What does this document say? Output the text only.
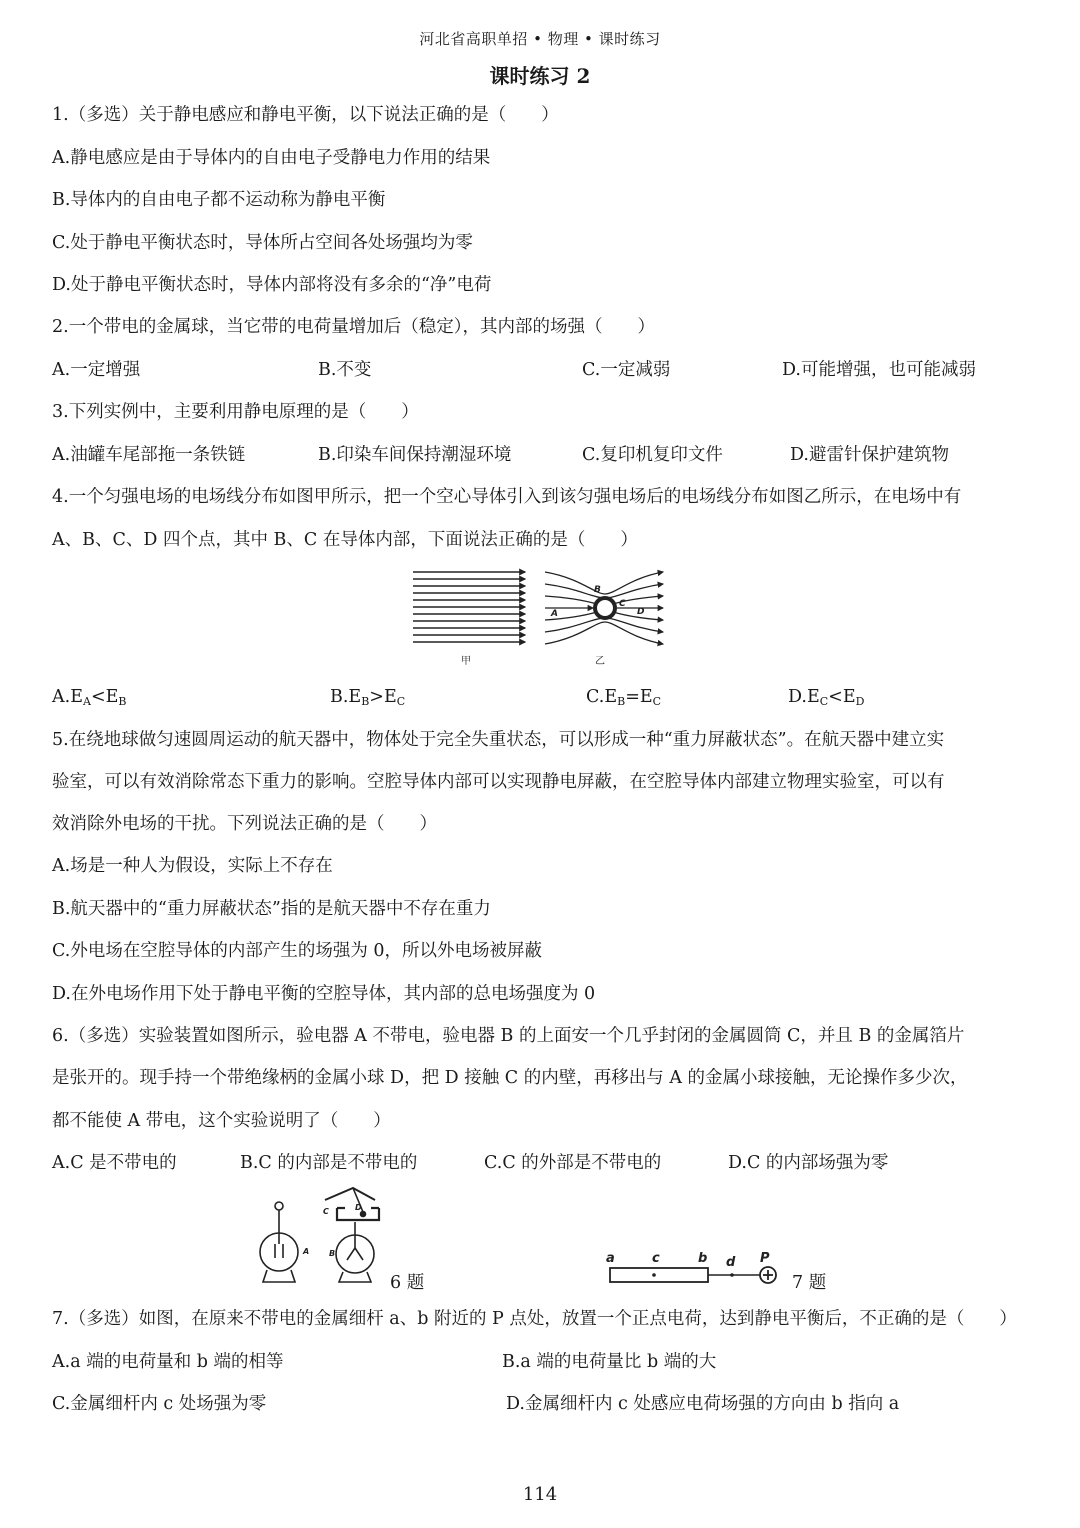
河北省高职单招 • 物理 • 课时练习
课时练习 2
1.（多选）关于静电感应和静电平衡，以下说法正确的是（　　）
A.静电感应是由于导体内的自由电子受静电力作用的结果
B.导体内的自由电子都不运动称为静电平衡
C.处于静电平衡状态时，导体所占空间各处场强均为零
D.处于静电平衡状态时，导体内部将没有多余的“净”电荷
2.一个带电的金属球，当它带的电荷量增加后（稳定），其内部的场强（　　）
A.一定增强	B.不变	C.一定减弱	D.可能增强，也可能减弱
3.下列实例中，主要利用静电原理的是（　　）
A.油罐车尾部拖一条铁链	B.印染车间保持潮湿环境	C.复印机复印文件	D.避雷针保护建筑物
4.一个匀强电场的电场线分布如图甲所示，把一个空心导体引入到该匀强电场后的电场线分布如图乙所示，在电场中有
A、B、C、D 四个点，其中 B、C 在导体内部，下面说法正确的是（　　）
A
B
C
D
甲	乙
$A.E_A<E_B$	$B.E_B>E_C$	$C.E_B=E_C$	$D.E_C<E_D$
5.在绕地球做匀速圆周运动的航天器中，物体处于完全失重状态，可以形成一种“重力屏蔽状态”。在航天器中建立实
验室，可以有效消除常态下重力的影响。空腔导体内部可以实现静电屏蔽，在空腔导体内部建立物理实验室，可以有
效消除外电场的干扰。下列说法正确的是（　　）
A.场是一种人为假设，实际上不存在
B.航天器中的“重力屏蔽状态”指的是航天器中不存在重力
C.外电场在空腔导体的内部产生的场强为 0，所以外电场被屏蔽
D.在外电场作用下处于静电平衡的空腔导体，其内部的总电场强度为 0
6.（多选）实验装置如图所示，验电器 A 不带电，验电器 B 的上面安一个几乎封闭的金属圆筒 C，并且 B 的金属箔片
是张开的。现手持一个带绝缘柄的金属小球 D，把 D 接触 C 的内壁，再移出与 A 的金属小球接触，无论操作多少次，
都不能使 A 带电，这个实验说明了（　　）
A.C 是不带电的	B.C 的内部是不带电的	C.C 的外部是不带电的	D.C 的内部场强为零
A B
C	D
6 题
a	c	b d P
7 题
7.（多选）如图，在原来不带电的金属细杆 a、b 附近的 P 点处，放置一个正点电荷，达到静电平衡后，不正确的是（　　）
A.a 端的电荷量和 b 端的相等	B.a 端的电荷量比 b 端的大
C.金属细杆内 c 处场强为零	D.金属细杆内 c 处感应电荷场强的方向由 b 指向 a
114
